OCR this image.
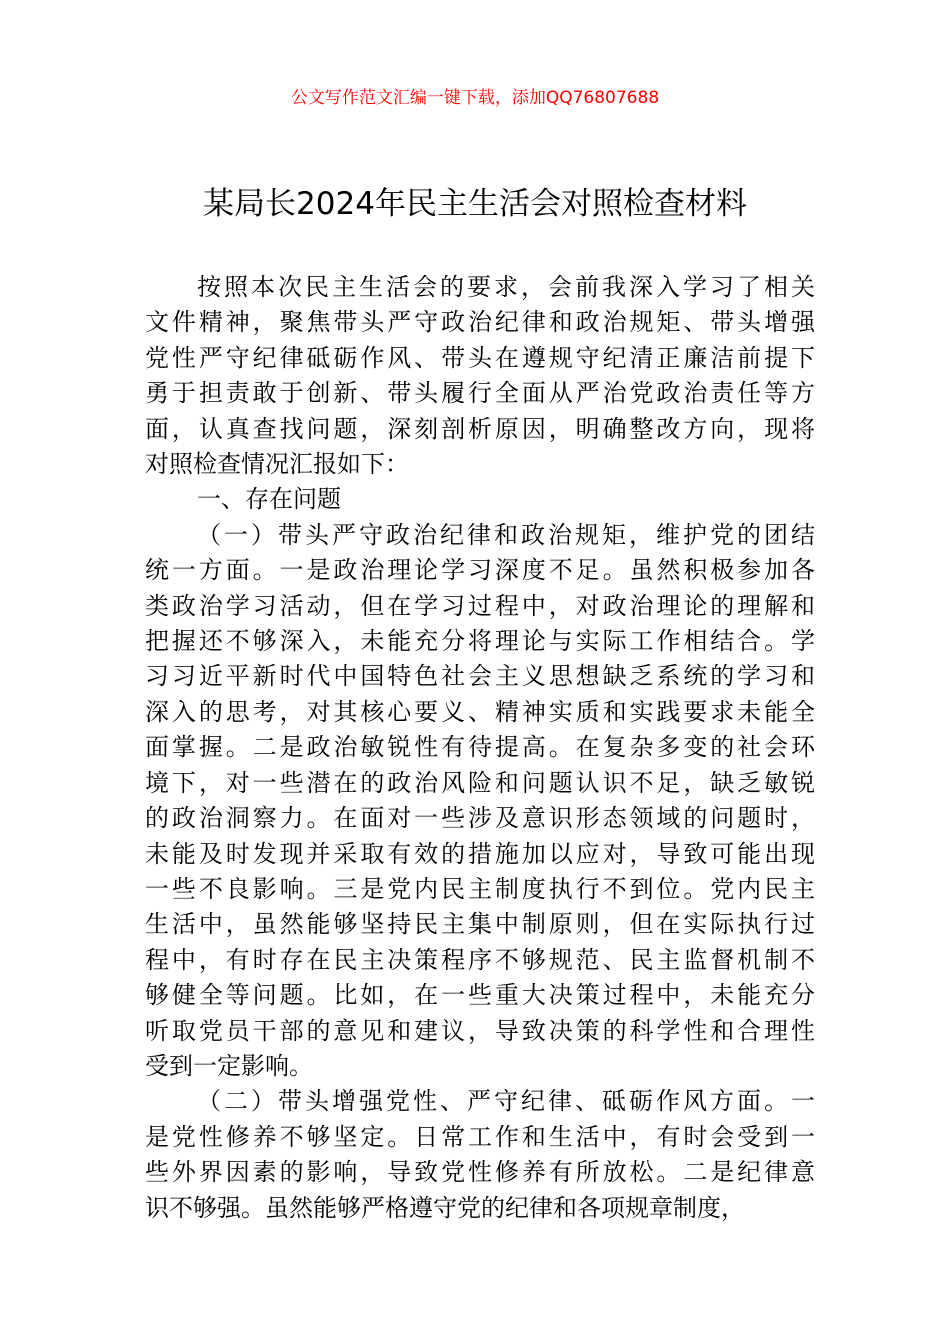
公文写作范文汇编一键下载，添加QQ76807688
某局长2024年民主生活会对照检查材料

按照本次民主生活会的要求，会前我深入学习了相关
文件精神，聚焦带头严守政治纪律和政治规矩、带头增强
党性严守纪律砥砺作风、带头在遵规守纪清正廉洁前提下
勇于担责敢于创新、带头履行全面从严治党政治责任等方
面，认真查找问题，深刻剖析原因，明确整改方向，现将
对照检查情况汇报如下：

一、存在问题

（一）带头严守政治纪律和政治规矩，维护党的团结
统一方面。一是政治理论学习深度不足。虽然积极参加各
类政治学习活动，但在学习过程中，对政治理论的理解和
把握还不够深入，未能充分将理论与实际工作相结合。学
习习近平新时代中国特色社会主义思想缺乏系统的学习和
深入的思考，对其核心要义、精神实质和实践要求未能全
面掌握。二是政治敏锐性有待提高。在复杂多变的社会环
境下，对一些潜在的政治风险和问题认识不足，缺乏敏锐
的政治洞察力。在面对一些涉及意识形态领域的问题时，
未能及时发现并采取有效的措施加以应对，导致可能出现
一些不良影响。三是党内民主制度执行不到位。党内民主
生活中，虽然能够坚持民主集中制原则，但在实际执行过
程中，有时存在民主决策程序不够规范、民主监督机制不
够健全等问题。比如，在一些重大决策过程中，未能充分
听取党员干部的意见和建议，导致决策的科学性和合理性
受到一定影响。

（二）带头增强党性、严守纪律、砥砺作风方面。一
是党性修养不够坚定。日常工作和生活中，有时会受到一
些外界因素的影响，导致党性修养有所放松。二是纪律意
识不够强。虽然能够严格遵守党的纪律和各项规章制度，
